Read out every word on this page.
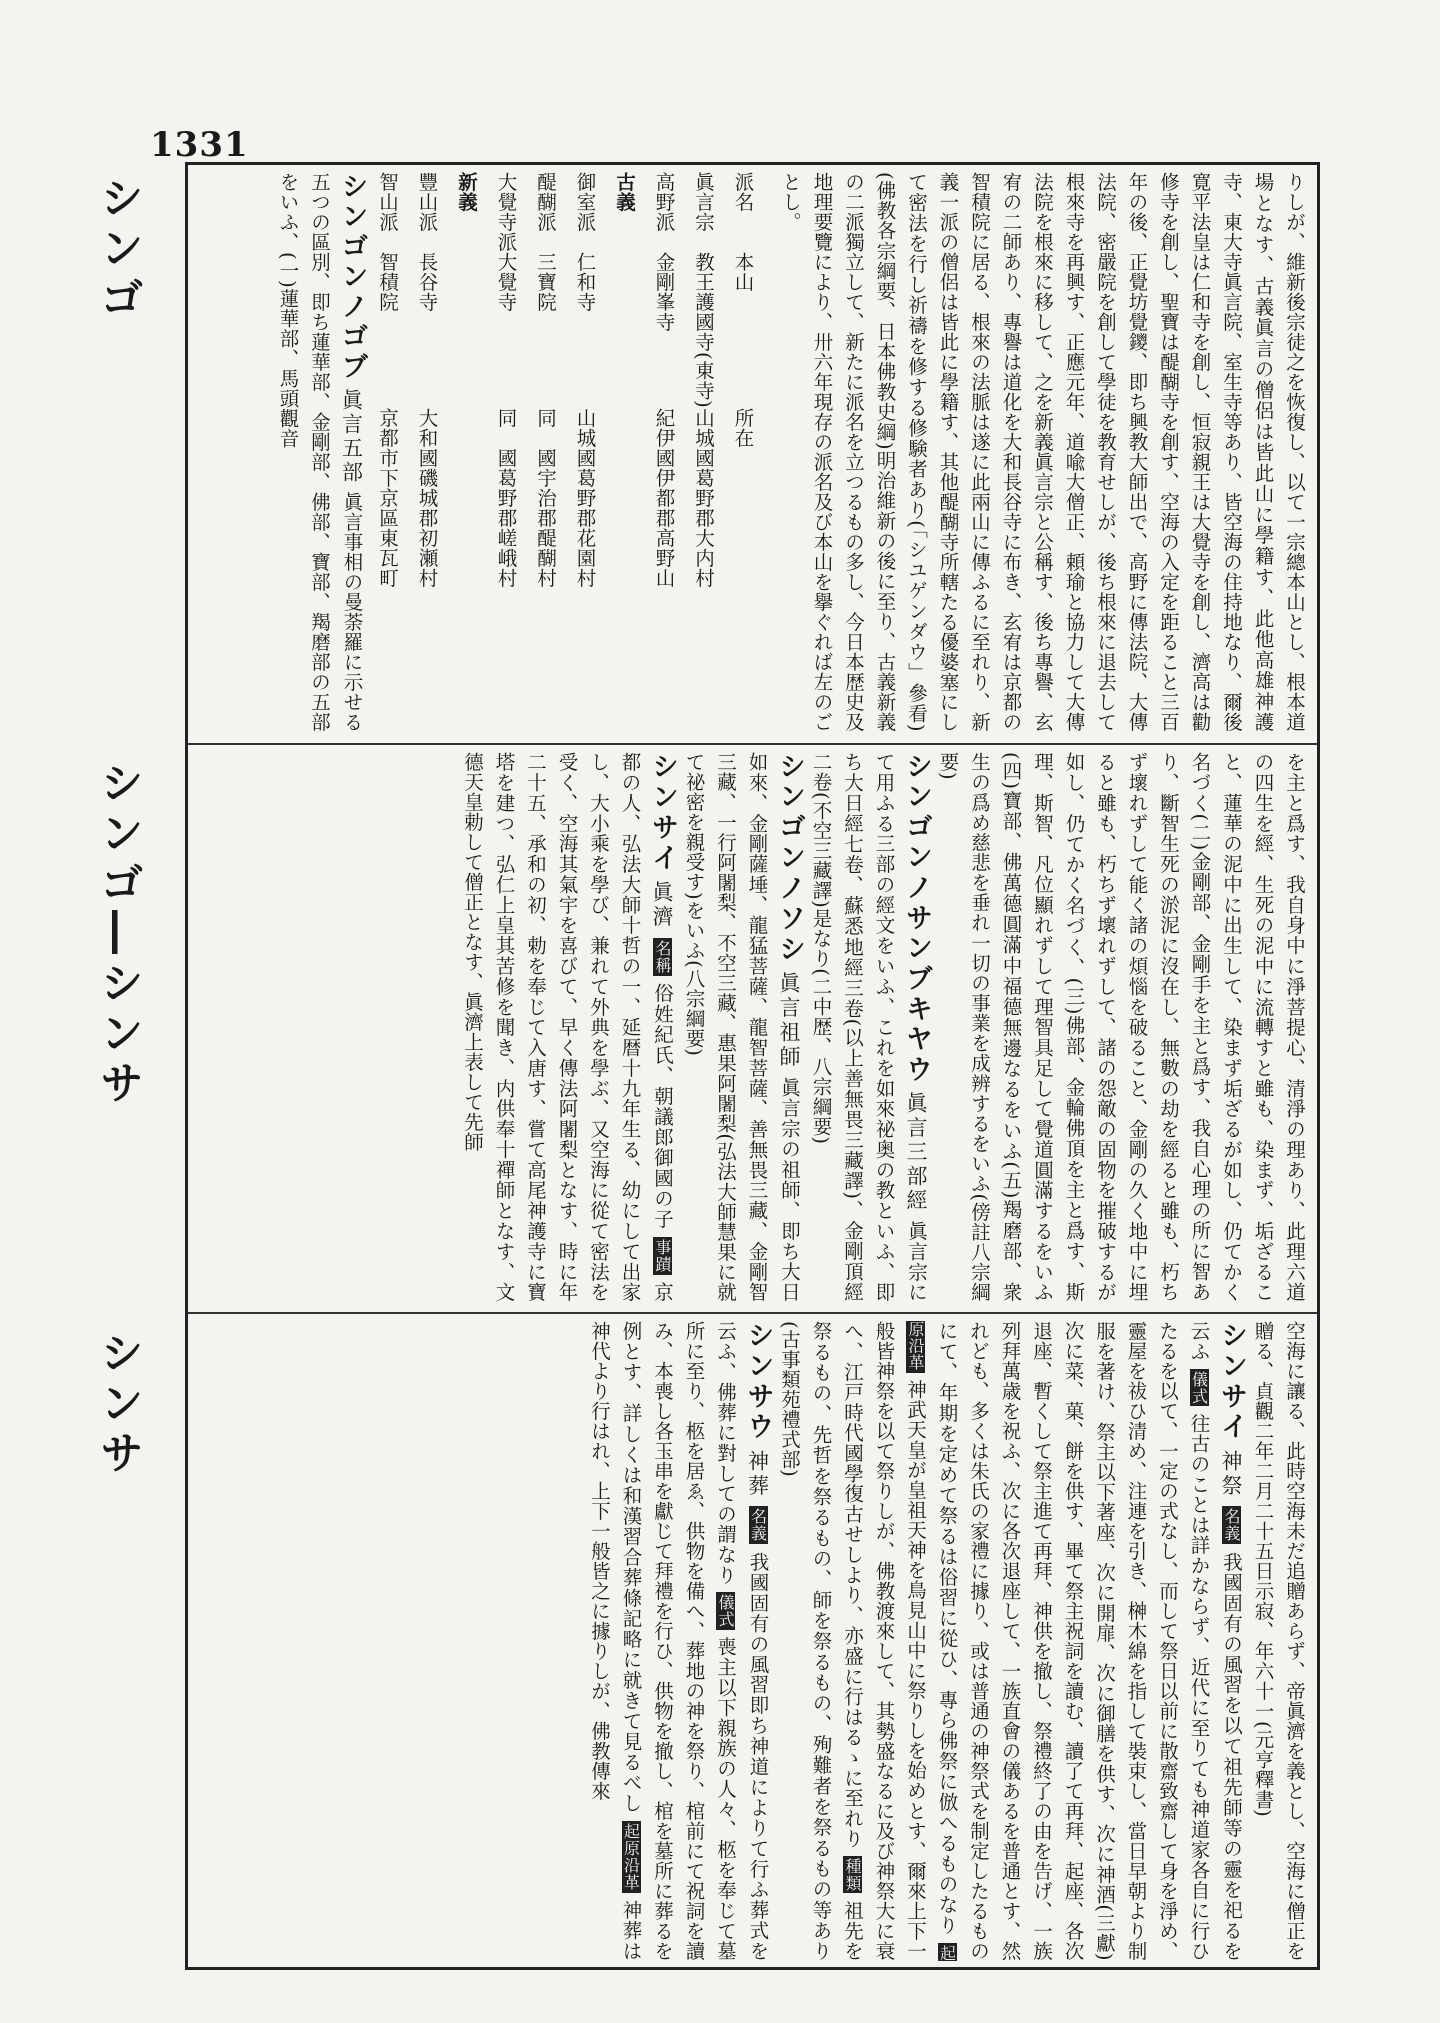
1331
シンゴ
シンゴ―シンサ
シンサ

りしが、維新後宗徒之を恢復し、以て一宗總本山とし、根本道場となす、古義眞言の僧侶は皆此山に學籍す、此他高雄神護寺、東大寺眞言院、室生寺等あり、皆空海の住持地なり、爾後寛平法皇は仁和寺を創し、恒寂親王は大覺寺を創し、濟高は勸修寺を創し、聖寶は醍醐寺を創す、空海の入定を距ること三百年の後、正覺坊覺鑁、即ち興教大師出で、高野に傳法院、大傳法院、密嚴院を創して學徒を教育せしが、後ち根來に退去して根來寺を再興す、正應元年、道喩大僧正、頼瑜と協力して大傳法院を根來に移して、之を新義眞言宗と公稱す、後ち專譽、玄宥の二師あり、專譽は道化を大和長谷寺に布き、玄宥は京都の智積院に居る、根來の法脈は遂に此兩山に傳ふるに至れり、新義一派の僧侶は皆此に學籍す、其他醍醐寺所轄たる優婆塞にして密法を行し祈禱を修する修験者あり(「シユゲンダウ」參看)(佛教各宗綱要、日本佛教史綱)明治維新の後に至り、古義新義の二派獨立して、新たに派名を立つるもの多し、今日本歴史及地理要覽により、卅六年現存の派名及び本山を擧ぐれば左のごとし。

派名	本山	所在
眞言宗	教王護國寺(東寺)	山城國葛野郡大内村
高野派	金剛峯寺	紀伊國伊都郡高野山
古義		
御室派	仁和寺	山城國葛野郡花園村
醍醐派	三寶院	同　國宇治郡醍醐村
大覺寺派	大覺寺	同　國葛野郡嵯峨村
新義		
豐山派	長谷寺	大和國磯城郡初瀬村
智山派	智積院	京都市下京區東瓦町

シンゴンノゴブ 眞言五部 眞言事相の曼荼羅に示せる五つの區別、即ち蓮華部、金剛部、佛部、寶部、羯磨部の五部をいふ、(一)蓮華部、馬頭觀音

を主と爲す、我自身中に淨菩提心、清淨の理あり、此理六道の四生を經、生死の泥中に流轉すと雖も、染まず、垢ざること、蓮華の泥中に出生して、染まず垢ざるが如し、仍てかく名づく(二)金剛部、金剛手を主と爲す、我自心理の所に智あり、斷智生死の淤泥に沒在し、無數の劫を經ると雖も、朽ちず壞れずして能く諸の煩惱を破ること、金剛の久く地中に埋ると雖も、朽ちず壞れずして、諸の怨敵の固物を摧破するが如し、仍てかく名づく、(三)佛部、金輪佛頂を主と爲す、斯理、斯智、凡位顯れずして理智具足して覺道圓滿するをいふ(四)寶部、佛萬德圓滿中福德無邊なるをいふ(五)羯磨部、衆生の爲め慈悲を垂れ一切の事業を成辨するをいふ(傍註八宗綱要)

シンゴンノサンブキヤウ 眞言三部經 眞言宗にて用ふる三部の經文をいふ、これを如來祕奥の教といふ、即ち大日經七卷、蘇悉地經三卷(以上善無畏三藏譯)、金剛頂經二卷(不空三藏譯)是なり(二中歴、八宗綱要)

シンゴンノソシ 眞言祖師 眞言宗の祖師、即ち大日如來、金剛薩埵、龍猛菩薩、龍智菩薩、善無畏三藏、金剛智三藏、一行阿闍梨、不空三藏、惠果阿闍梨(弘法大師慧果に就て祕密を親受す)をいふ(八宗綱要)

シンサイ 眞濟 名稱 俗姓紀氏、朝議郎御國の子 事蹟 京都の人、弘法大師十哲の一、延暦十九年生る、幼にして出家し、大小乘を學び、兼れて外典を學ぶ、又空海に從て密法を受く、空海其氣宇を喜びて、早く傳法阿闍梨となす、時に年二十五、承和の初、勅を奉じて入唐す、嘗て高尾神護寺に寶塔を建つ、弘仁上皇其苦修を聞き、内供奉十禪師となす、文德天皇勅して僧正となす、眞濟上表して先師

空海に讓る、此時空海未だ追贈あらず、帝眞濟を義とし、空海に僧正を贈る、貞觀二年二月二十五日示寂、年六十一(元亨釋書)

シンサイ 神祭 名義 我國固有の風習を以て祖先師等の靈を祀るを云ふ 儀式 往古のことは詳かならず、近代に至りても神道家各自に行ひたるを以て、一定の式なし、而して祭日以前に散齋致齋して身を淨め、靈屋を祓ひ清め、注連を引き、榊木綿を指して裝束し、當日早朝より制服を著け、祭主以下著座、次に開扉、次に御膳を供す、次に神酒(三獻)次に菜、菓、餅を供す、畢て祭主祝詞を讀む、讀了て再拜、起座、各次退座、暫くして祭主進て再拜、神供を撤し、祭禮終了の由を告げ、一族列拜萬歳を祝ふ、次に各次退座して、一族直會の儀あるを普通とす、然れども、多くは朱氏の家禮に據り、或は普通の神祭式を制定したるものにて、年期を定めて祭るは俗習に從ひ、專ら佛祭に倣へるものなり 起原沿革 神武天皇が皇祖天神を鳥見山中に祭りしを始めとす、爾來上下一般皆神祭を以て祭りしが、佛教渡來して、其勢盛なるに及び神祭大に衰へ、江戸時代國學復古せしより、亦盛に行はるゝに至れり 種類 祖先を祭るもの、先哲を祭るもの、師を祭るもの、殉難者を祭るもの等あり(古事類苑禮式部)

シンサウ 神葬 名義 我國固有の風習即ち神道によりて行ふ葬式を云ふ、佛葬に對しての謂なり 儀式 喪主以下親族の人々、柩を奉じて墓所に至り、柩を居ゑ、供物を備へ、葬地の神を祭り、棺前にて祝詞を讀み、本喪し各玉串を獻じて拜禮を行ひ、供物を撤し、棺を墓所に葬るを例とす、詳しくは和漢習合葬條記略に就きて見るべし 起原沿革 神葬は神代より行はれ、上下一般皆之に據りしが、佛教傳來
